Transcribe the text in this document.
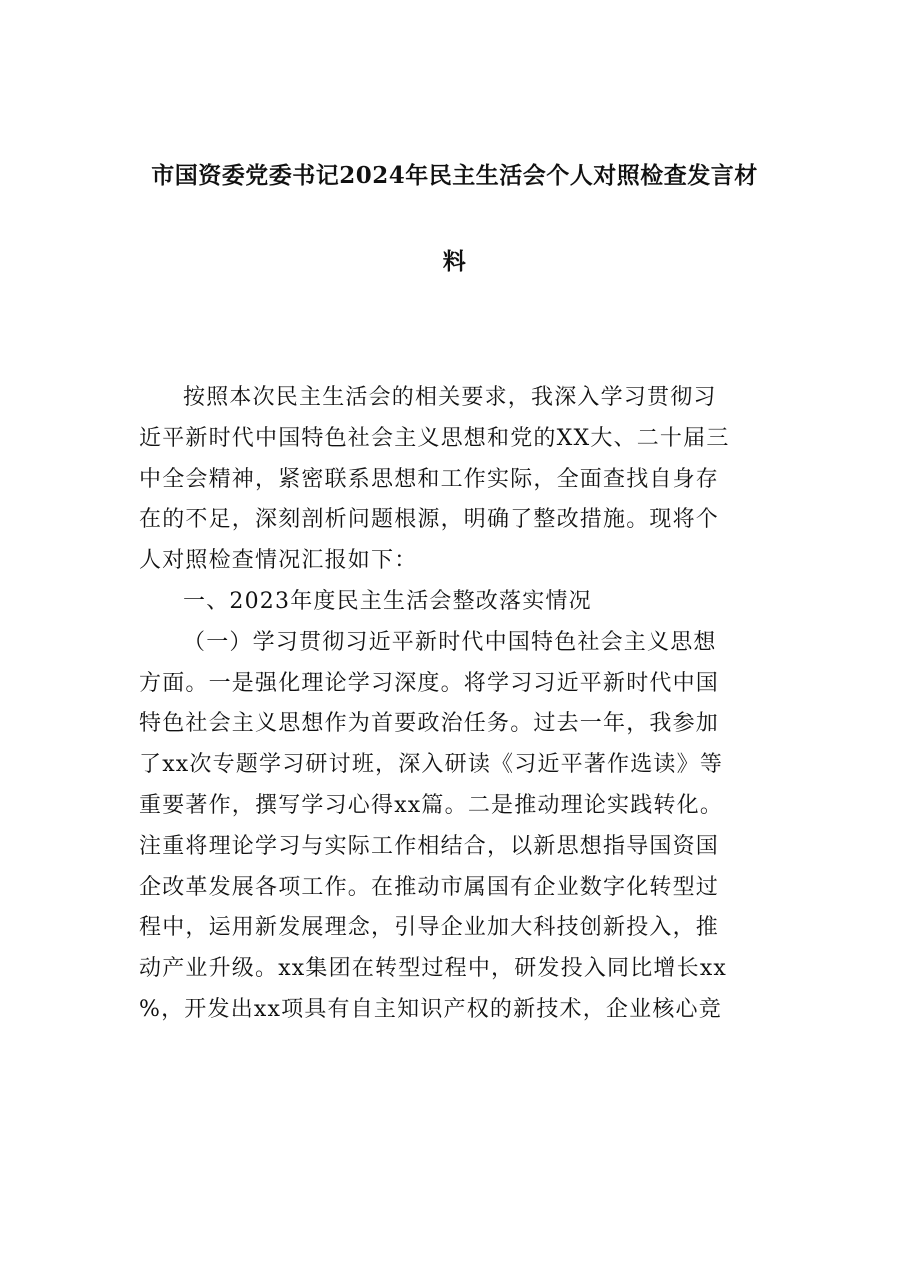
市国资委党委书记2024年民主生活会个人对照检查发言材
料
按照本次民主生活会的相关要求，我深入学习贯彻习
近平新时代中国特色社会主义思想和党的XX大、二十届三
中全会精神，紧密联系思想和工作实际，全面查找自身存
在的不足，深刻剖析问题根源，明确了整改措施。现将个
人对照检查情况汇报如下：
一、2023年度民主生活会整改落实情况
（一）学习贯彻习近平新时代中国特色社会主义思想
方面。一是强化理论学习深度。将学习习近平新时代中国
特色社会主义思想作为首要政治任务。过去一年，我参加
了xx次专题学习研讨班，深入研读《习近平著作选读》等
重要著作，撰写学习心得xx篇。二是推动理论实践转化。
注重将理论学习与实际工作相结合，以新思想指导国资国
企改革发展各项工作。在推动市属国有企业数字化转型过
程中，运用新发展理念，引导企业加大科技创新投入，推
动产业升级。xx集团在转型过程中，研发投入同比增长xx
%，开发出xx项具有自主知识产权的新技术，企业核心竞
